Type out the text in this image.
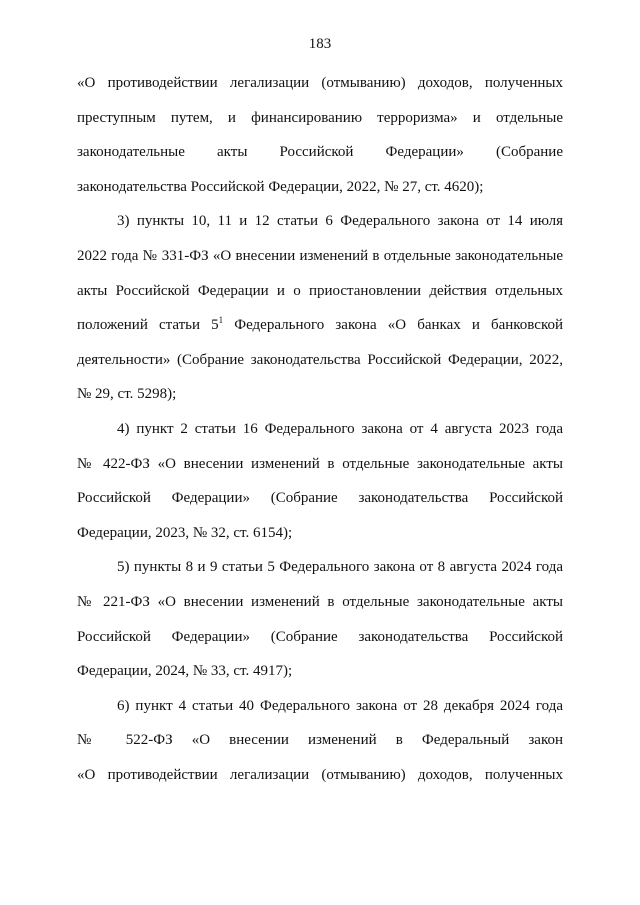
183
«О противодействии легализации (отмыванию) доходов, полученных
преступным путем, и финансированию терроризма» и отдельные
законодательные акты Российской Федерации» (Собрание
законодательства Российской Федерации, 2022, № 27, ст. 4620);
3) пункты 10, 11 и 12 статьи 6 Федерального закона от 14 июля
2022 года № 331-ФЗ «О внесении изменений в отдельные законодательные
акты Российской Федерации и о приостановлении действия отдельных
положений статьи $5^1$ Федерального закона «О банках и банковской
деятельности» (Собрание законодательства Российской Федерации, 2022,
№ 29, ст. 5298);
4) пункт 2 статьи 16 Федерального закона от 4 августа 2023 года
№ 422-ФЗ «О внесении изменений в отдельные законодательные акты
Российской Федерации» (Собрание законодательства Российской
Федерации, 2023, № 32, ст. 6154);
5) пункты 8 и 9 статьи 5 Федерального закона от 8 августа 2024 года
№ 221-ФЗ «О внесении изменений в отдельные законодательные акты
Российской Федерации» (Собрание законодательства Российской
Федерации, 2024, № 33, ст. 4917);
6) пункт 4 статьи 40 Федерального закона от 28 декабря 2024 года
№ 522-ФЗ «О внесении изменений в Федеральный закон
«О противодействии легализации (отмыванию) доходов, полученных
